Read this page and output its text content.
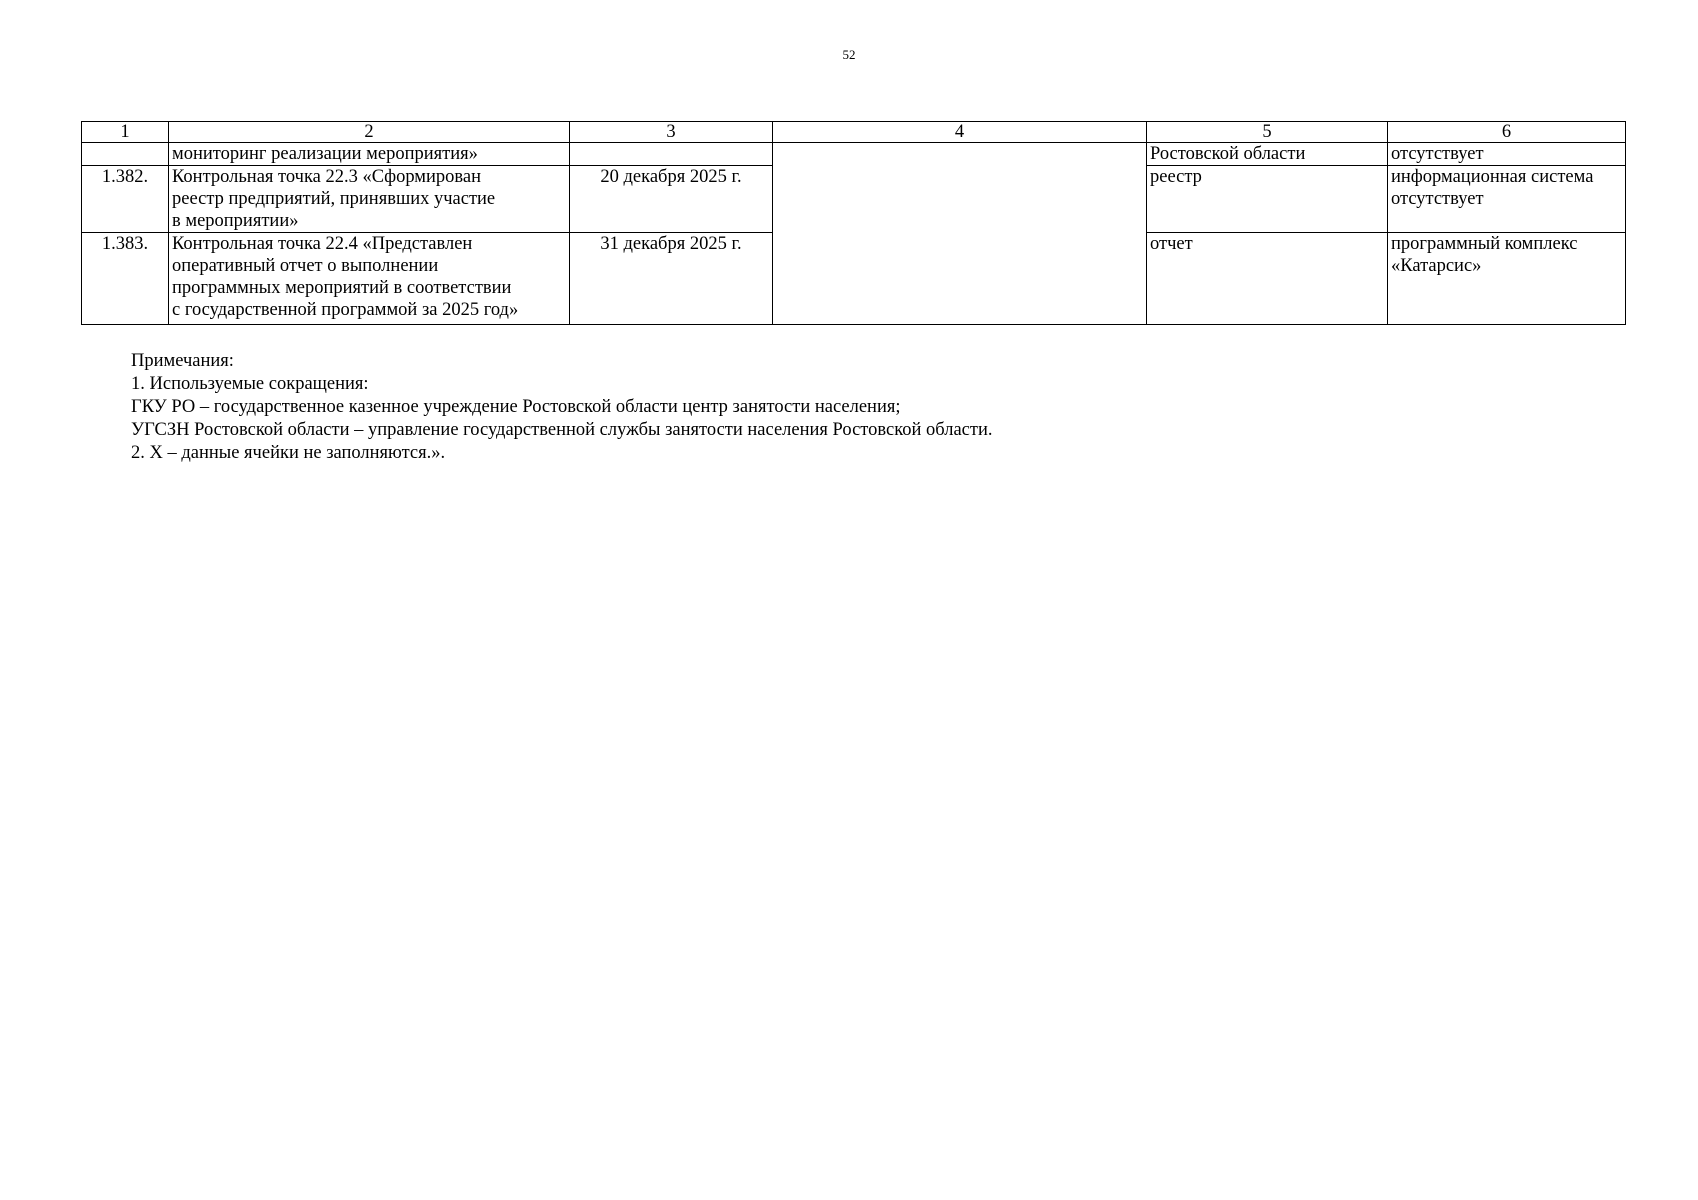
52
1	2	3	4	5	6

	мониторинг реализации мероприятия»			Ростовской области	отсутствует

1.382.	Контрольная точка 22.3 «Сформирован
реестр предприятий, принявших участие
в мероприятии»	20 декабря 2025 г.		реестр	информационная система
отсутствует

1.383.	Контрольная точка 22.4 «Представлен
оперативный отчет о выполнении
программных мероприятий в соответствии
с государственной программой за 2025 год»	31 декабря 2025 г.		отчет	программный комплекс
«Катарсис»
Примечания:
1. Используемые сокращения:
ГКУ РО – государственное казенное учреждение Ростовской области центр занятости населения;
УГСЗН Ростовской области – управление государственной службы занятости населения Ростовской области.
2. Х – данные ячейки не заполняются.».
